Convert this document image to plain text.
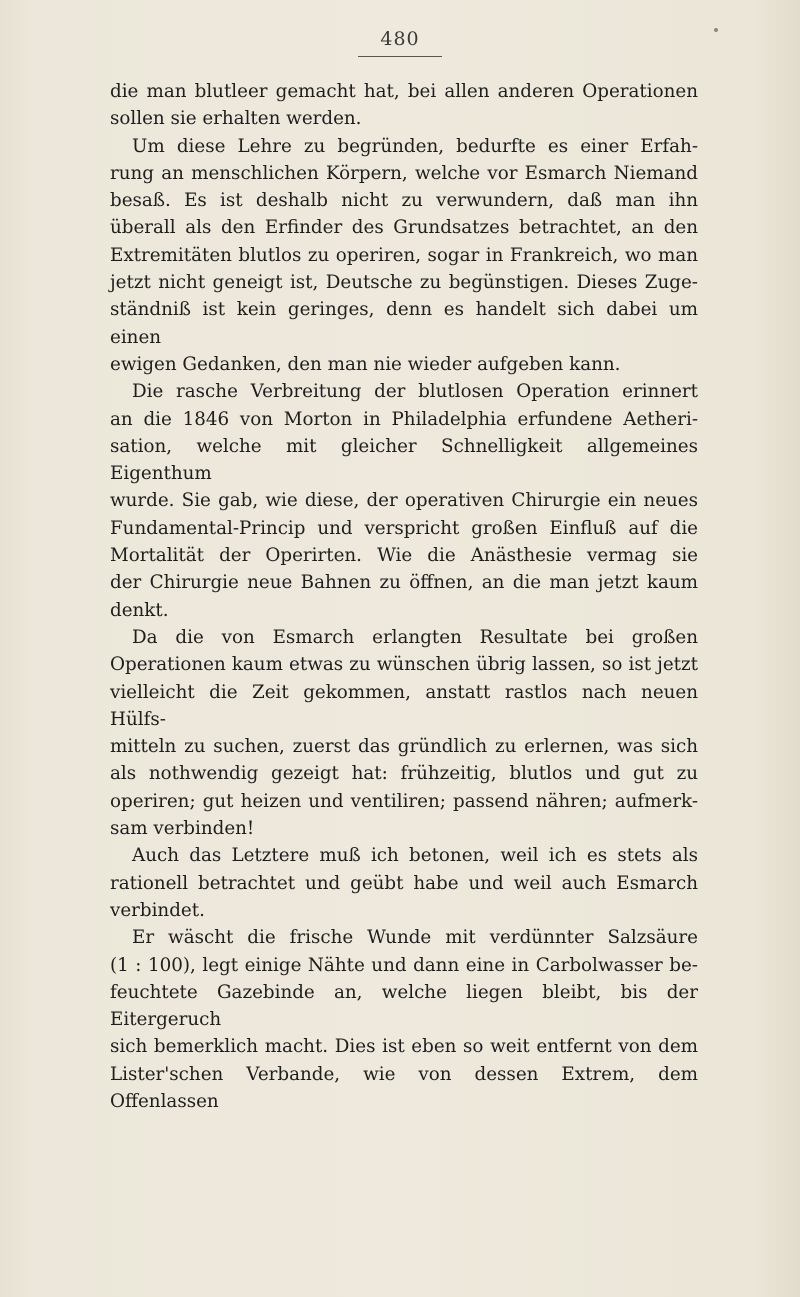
480
die man blutleer gemacht hat, bei allen anderen Operationen
sollen sie erhalten werden.
Um diese Lehre zu begründen, bedurfte es einer Erfah-
rung an menschlichen Körpern, welche vor Esmarch Niemand
besaß. Es ist deshalb nicht zu verwundern, daß man ihn
überall als den Erfinder des Grundsatzes betrachtet, an den
Extremitäten blutlos zu operiren, sogar in Frankreich, wo man
jetzt nicht geneigt ist, Deutsche zu begünstigen. Dieses Zuge-
ständniß ist kein geringes, denn es handelt sich dabei um einen
ewigen Gedanken, den man nie wieder aufgeben kann.
Die rasche Verbreitung der blutlosen Operation erinnert
an die 1846 von Morton in Philadelphia erfundene Aetheri-
sation, welche mit gleicher Schnelligkeit allgemeines Eigenthum
wurde. Sie gab, wie diese, der operativen Chirurgie ein neues
Fundamental-Princip und verspricht großen Einfluß auf die
Mortalität der Operirten. Wie die Anästhesie vermag sie
der Chirurgie neue Bahnen zu öffnen, an die man jetzt kaum denkt.
Da die von Esmarch erlangten Resultate bei großen
Operationen kaum etwas zu wünschen übrig lassen, so ist jetzt
vielleicht die Zeit gekommen, anstatt rastlos nach neuen Hülfs-
mitteln zu suchen, zuerst das gründlich zu erlernen, was sich
als nothwendig gezeigt hat: frühzeitig, blutlos und gut zu
operiren; gut heizen und ventiliren; passend nähren; aufmerk-
sam verbinden!
Auch das Letztere muß ich betonen, weil ich es stets als
rationell betrachtet und geübt habe und weil auch Esmarch
verbindet.
Er wäscht die frische Wunde mit verdünnter Salzsäure
(1 : 100), legt einige Nähte und dann eine in Carbolwasser be-
feuchtete Gazebinde an, welche liegen bleibt, bis der Eitergeruch
sich bemerklich macht. Dies ist eben so weit entfernt von dem
Lister'schen Verbande, wie von dessen Extrem, dem Offenlassen
